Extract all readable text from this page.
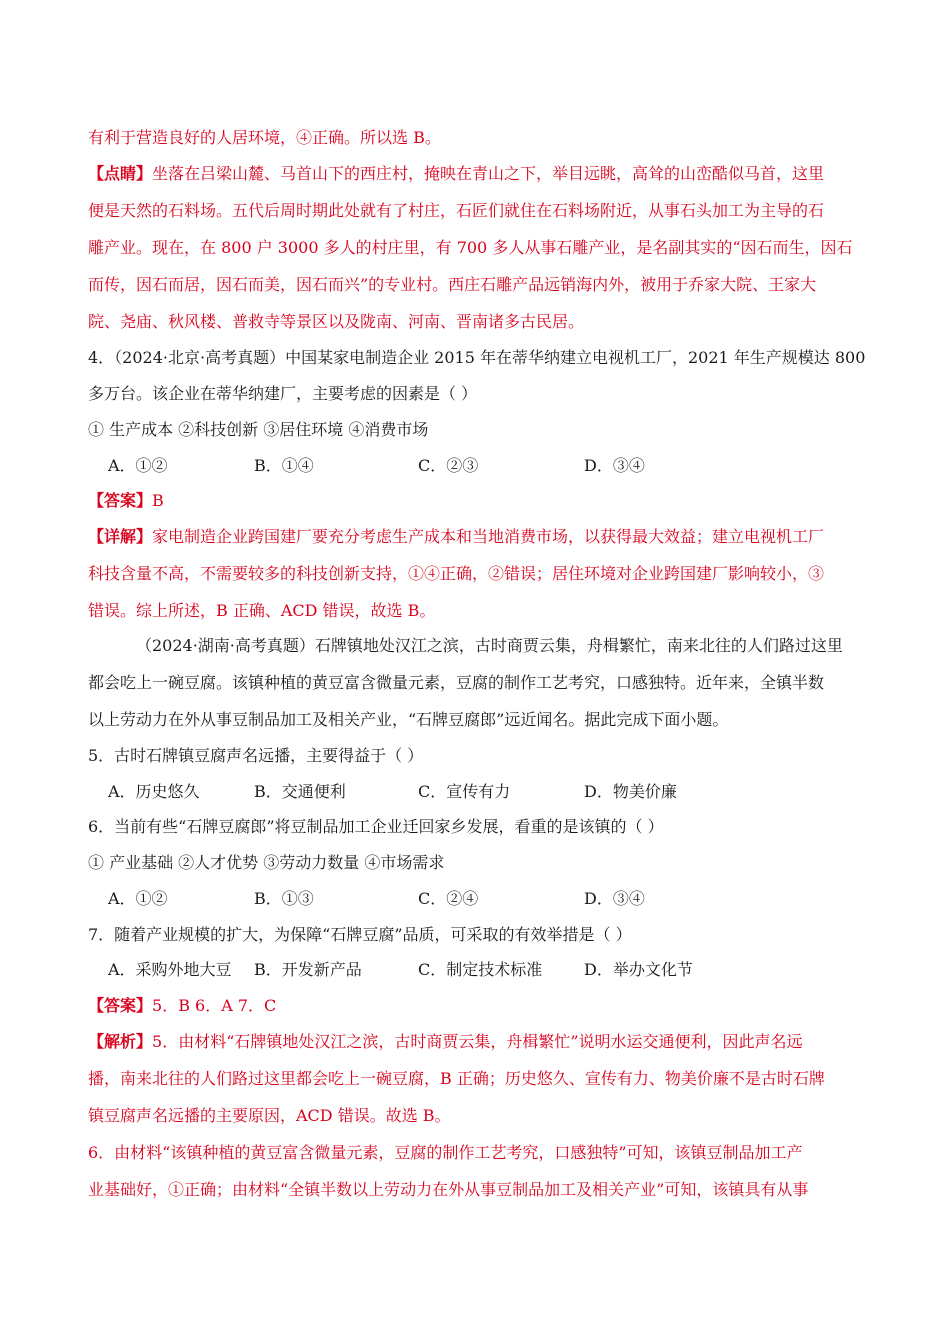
有利于营造良好的人居环境，④正确。所以选 B。
【点睛】坐落在吕梁山麓、马首山下的西庄村，掩映在青山之下，举目远眺，高耸的山峦酷似马首，这里
便是天然的石料场。五代后周时期此处就有了村庄，石匠们就住在石料场附近，从事石头加工为主导的石
雕产业。现在，在 800 户 3000 多人的村庄里，有 700 多人从事石雕产业，是名副其实的“因石而生，因石
而传，因石而居，因石而美，因石而兴”的专业村。西庄石雕产品远销海内外，被用于乔家大院、王家大
院、尧庙、秋风楼、普救寺等景区以及陇南、河南、晋南诸多古民居。
4．（2024·北京·高考真题）中国某家电制造企业 2015 年在蒂华纳建立电视机工厂，2021 年生产规模达 800
多万台。该企业在蒂华纳建厂，主要考虑的因素是（ ）
① 生产成本 ②科技创新 ③居住环境 ④消费市场
A．①②	B．①④	C．②③	D．③④
【答案】B
【详解】家电制造企业跨国建厂要充分考虑生产成本和当地消费市场，以获得最大效益；建立电视机工厂
科技含量不高，不需要较多的科技创新支持，①④正确，②错误；居住环境对企业跨国建厂影响较小，③
错误。综上所述，B 正确、ACD 错误，故选 B。
（2024·湖南·高考真题）石牌镇地处汉江之滨，古时商贾云集，舟楫繁忙，南来北往的人们路过这里
都会吃上一碗豆腐。该镇种植的黄豆富含微量元素，豆腐的制作工艺考究，口感独特。近年来，全镇半数
以上劳动力在外从事豆制品加工及相关产业，“石牌豆腐郎”远近闻名。据此完成下面小题。
5．古时石牌镇豆腐声名远播，主要得益于（ ）
A．历史悠久	B．交通便利	C．宣传有力	D．物美价廉
6．当前有些“石牌豆腐郎”将豆制品加工企业迁回家乡发展，看重的是该镇的（ ）
① 产业基础 ②人才优势 ③劳动力数量 ④市场需求
A．①②	B．①③	C．②④	D．③④
7．随着产业规模的扩大，为保障“石牌豆腐”品质，可采取的有效举措是（ ）
A．采购外地大豆 B．开发新产品	C．制定技术标准	D．举办文化节
【答案】5．B 6．A 7．C
【解析】5．由材料“石牌镇地处汉江之滨，古时商贾云集，舟楫繁忙”说明水运交通便利，因此声名远
播，南来北往的人们路过这里都会吃上一碗豆腐，B 正确；历史悠久、宣传有力、物美价廉不是古时石牌
镇豆腐声名远播的主要原因，ACD 错误。故选 B。
6．由材料“该镇种植的黄豆富含微量元素，豆腐的制作工艺考究，口感独特”可知，该镇豆制品加工产
业基础好，①正确；由材料“全镇半数以上劳动力在外从事豆制品加工及相关产业”可知，该镇具有从事
